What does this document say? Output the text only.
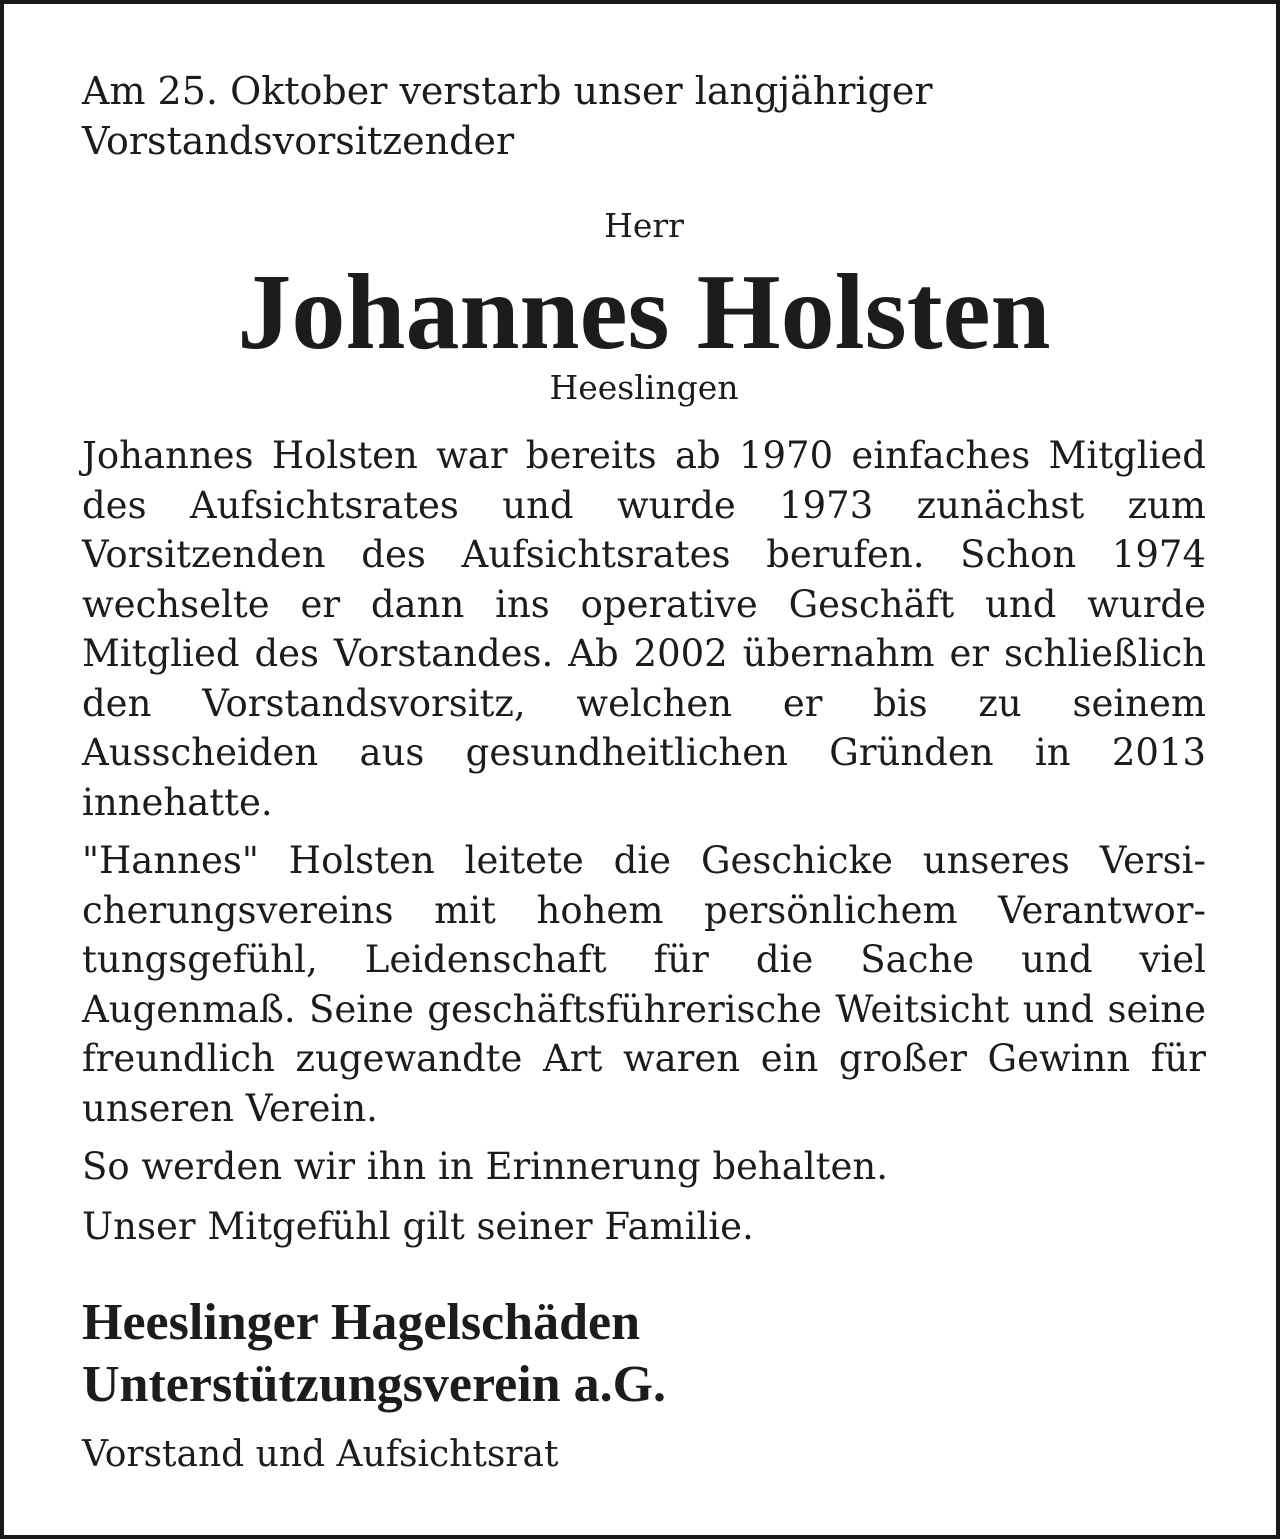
Am 25. Oktober verstarb unser langjähriger
Vorstandsvorsitzender

Herr

Johannes Holsten

Heeslingen

Johannes Holsten war bereits ab 1970 einfaches Mitglied des Aufsichtsrates und wurde 1973 zunächst zum Vorsitzenden des Aufsichtsrates berufen. Schon 1974 wechselte er dann ins operative Geschäft und wurde Mitglied des Vorstandes. Ab 2002 übernahm er schließlich den Vorstandsvorsitz, welchen er bis zu seinem Ausscheiden aus gesundheitlichen Gründen in 2013 innehatte.

"Hannes" Holsten leitete die Geschicke unseres Versicherungsvereins mit hohem persönlichem Verantwortungsgefühl, Leidenschaft für die Sache und viel Augenmaß. Seine geschäftsführerische Weitsicht und seine freundlich zugewandte Art waren ein großer Gewinn für unseren Verein.

So werden wir ihn in Erinnerung behalten.

Unser Mitgefühl gilt seiner Familie.

Heeslinger Hagelschäden
Unterstützungsverein a.G.

Vorstand und Aufsichtsrat
